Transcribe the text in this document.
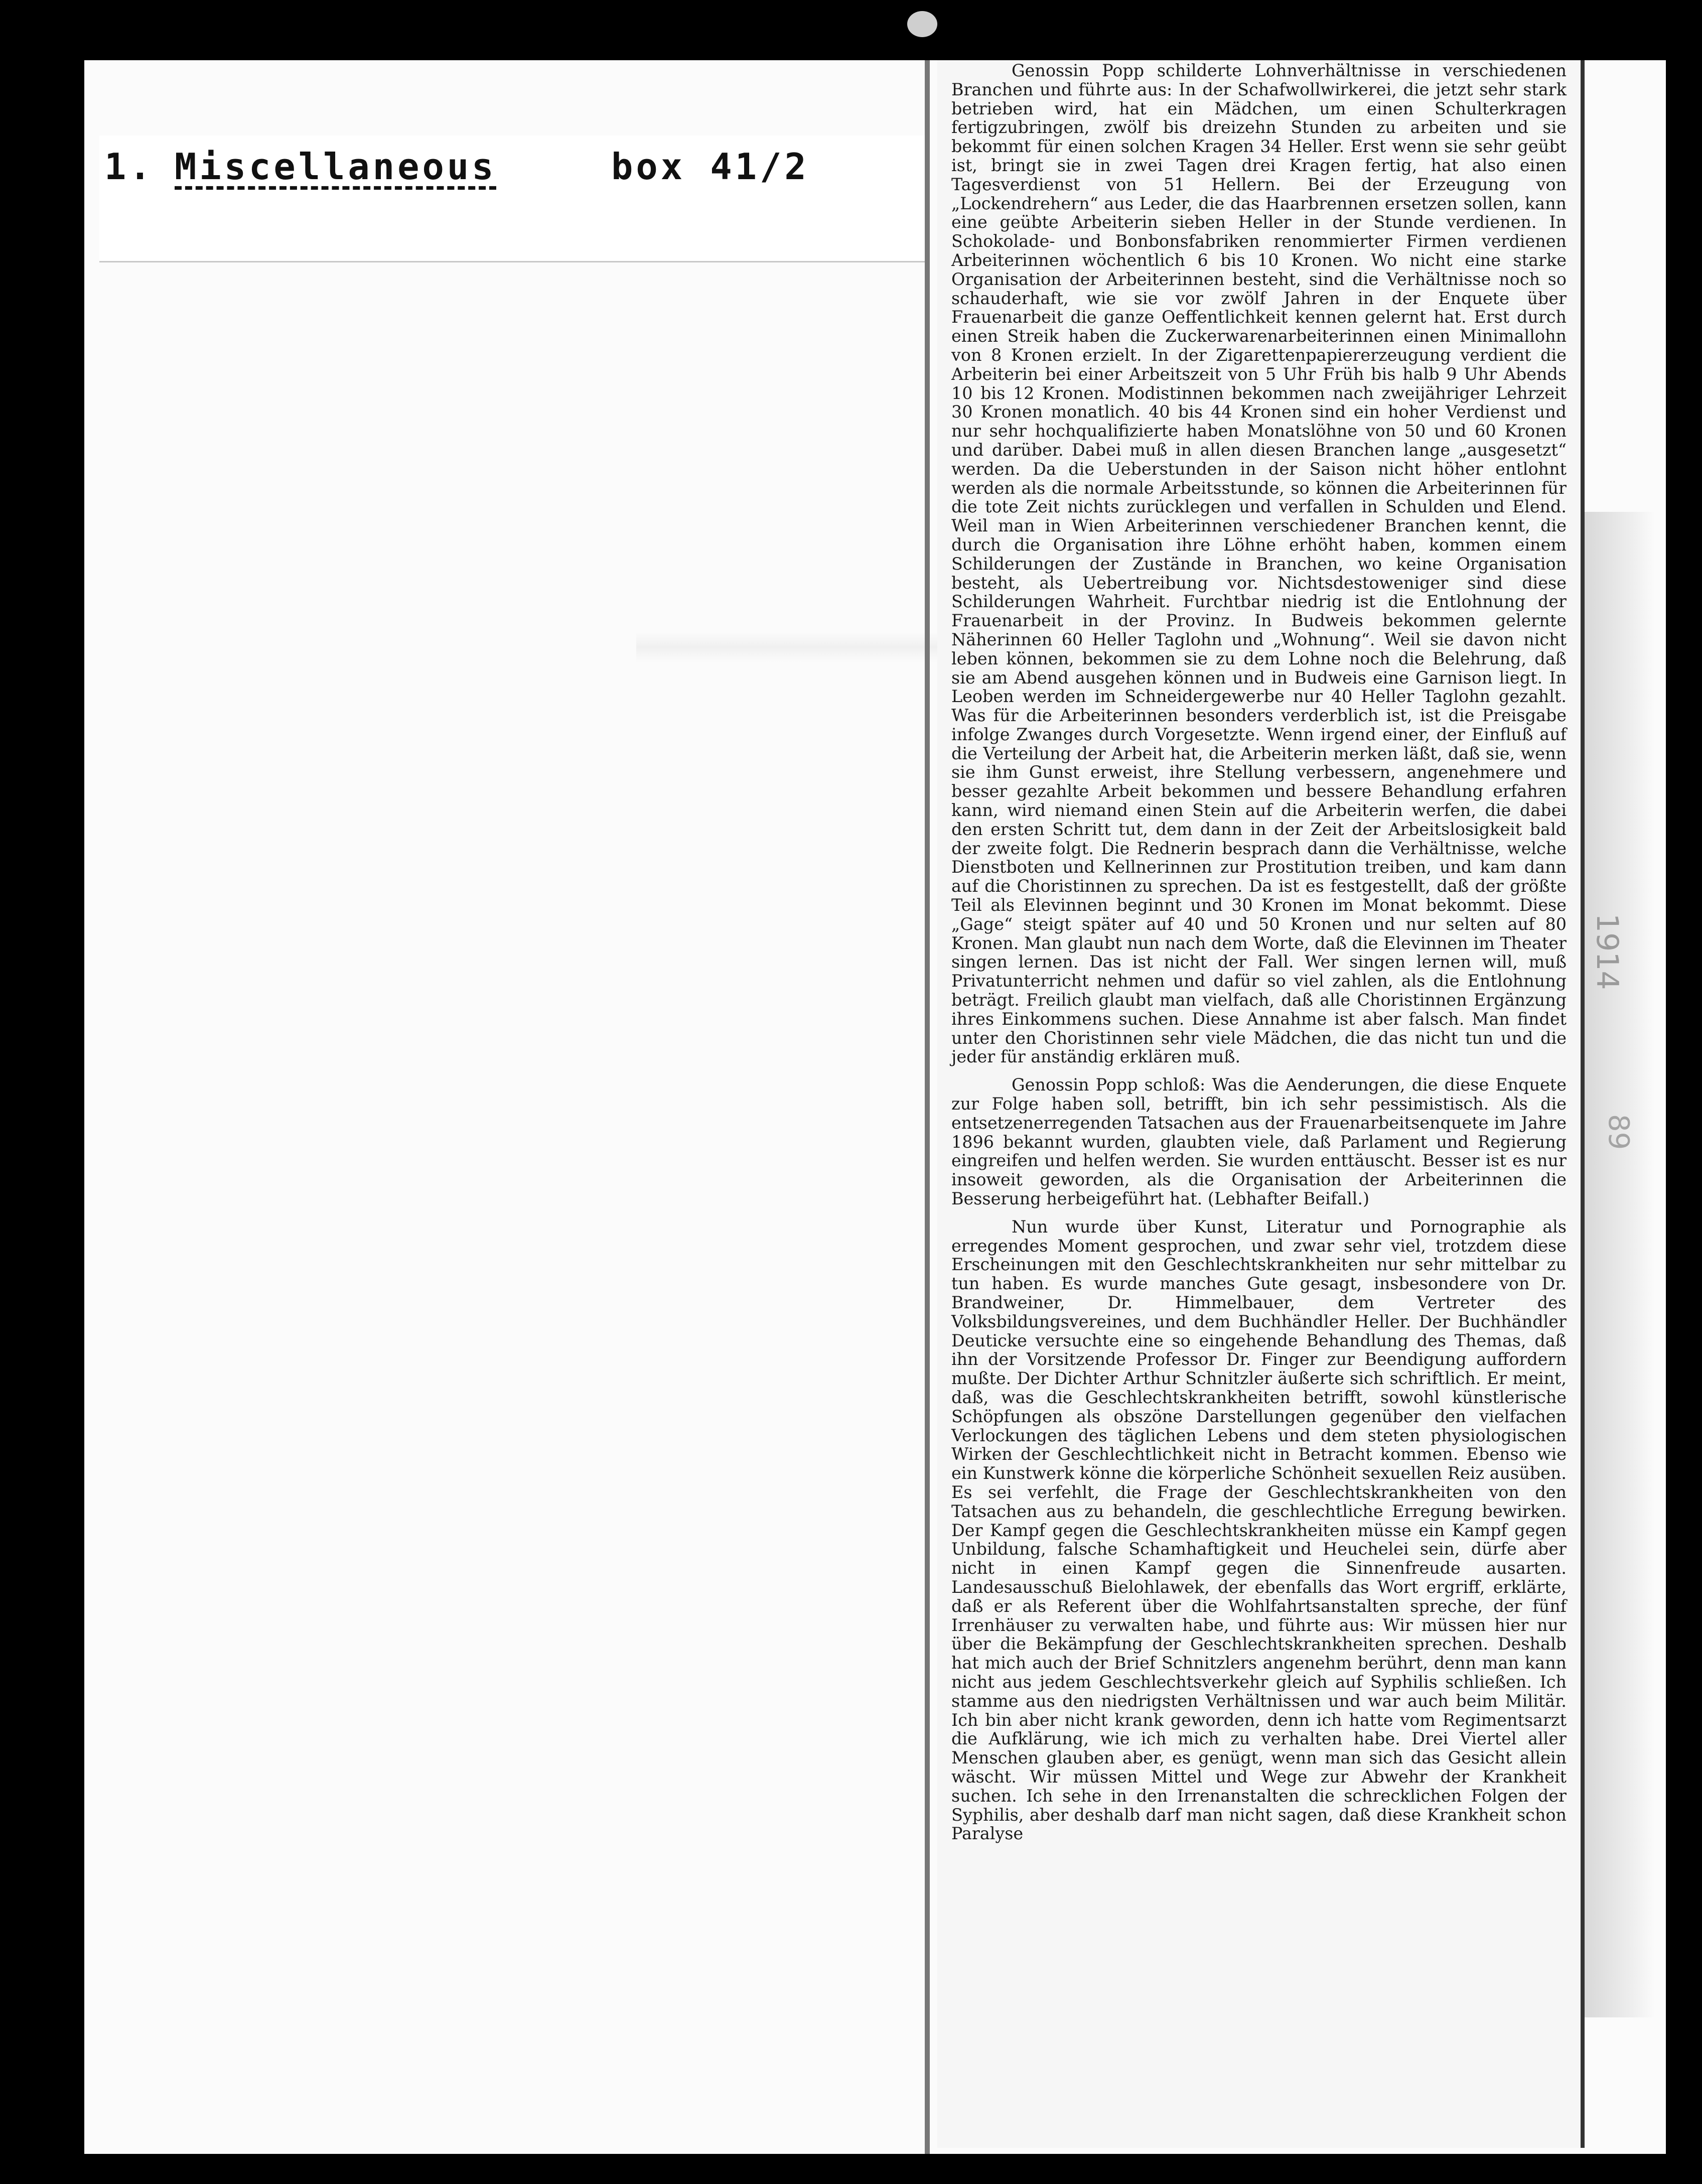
1. Miscellaneous	box 41/2

Genossin Popp schilderte Lohnverhältnisse in verschiedenen Branchen und führte aus: In der Schafwollwirkerei, die jetzt sehr stark betrieben wird, hat ein Mädchen, um einen Schulterkragen fertigzubringen, zwölf bis dreizehn Stunden zu arbeiten und sie bekommt für einen solchen Kragen 34 Heller. Erst wenn sie sehr geübt ist, bringt sie in zwei Tagen drei Kragen fertig, hat also einen Tagesverdienst von 51 Hellern. Bei der Erzeugung von „Lockendrehern“ aus Leder, die das Haarbrennen ersetzen sollen, kann eine geübte Arbeiterin sieben Heller in der Stunde verdienen. In Schokolade- und Bonbonsfabriken renommierter Firmen verdienen Arbeiterinnen wöchentlich 6 bis 10 Kronen. Wo nicht eine starke Organisation der Arbeiterinnen besteht, sind die Verhältnisse noch so schauderhaft, wie sie vor zwölf Jahren in der Enquete über Frauenarbeit die ganze Oeffentlichkeit kennen gelernt hat. Erst durch einen Streik haben die Zuckerwarenarbeiterinnen einen Minimallohn von 8 Kronen erzielt. In der Zigarettenpapiererzeugung verdient die Arbeiterin bei einer Arbeitszeit von 5 Uhr Früh bis halb 9 Uhr Abends 10 bis 12 Kronen. Modistinnen bekommen nach zweijähriger Lehrzeit 30 Kronen monatlich. 40 bis 44 Kronen sind ein hoher Verdienst und nur sehr hochqualifizierte haben Monatslöhne von 50 und 60 Kronen und darüber. Dabei muß in allen diesen Branchen lange „ausgesetzt“ werden. Da die Ueberstunden in der Saison nicht höher entlohnt werden als die normale Arbeitsstunde, so können die Arbeiterinnen für die tote Zeit nichts zurücklegen und verfallen in Schulden und Elend. Weil man in Wien Arbeiterinnen verschiedener Branchen kennt, die durch die Organisation ihre Löhne erhöht haben, kommen einem Schilderungen der Zustände in Branchen, wo keine Organisation besteht, als Uebertreibung vor. Nichtsdestoweniger sind diese Schilderungen Wahrheit. Furchtbar niedrig ist die Entlohnung der Frauenarbeit in der Provinz. In Budweis bekommen gelernte Näherinnen 60 Heller Taglohn und „Wohnung“. Weil sie davon nicht leben können, bekommen sie zu dem Lohne noch die Belehrung, daß sie am Abend ausgehen können und in Budweis eine Garnison liegt. In Leoben werden im Schneidergewerbe nur 40 Heller Taglohn gezahlt. Was für die Arbeiterinnen besonders verderblich ist, ist die Preisgabe infolge Zwanges durch Vorgesetzte. Wenn irgend einer, der Einfluß auf die Verteilung der Arbeit hat, die Arbeiterin merken läßt, daß sie, wenn sie ihm Gunst erweist, ihre Stellung verbessern, angenehmere und besser gezahlte Arbeit bekommen und bessere Behandlung erfahren kann, wird niemand einen Stein auf die Arbeiterin werfen, die dabei den ersten Schritt tut, dem dann in der Zeit der Arbeitslosigkeit bald der zweite folgt. Die Rednerin besprach dann die Verhältnisse, welche Dienstboten und Kellnerinnen zur Prostitution treiben, und kam dann auf die Choristinnen zu sprechen. Da ist es festgestellt, daß der größte Teil als Elevinnen beginnt und 30 Kronen im Monat bekommt. Diese „Gage“ steigt später auf 40 und 50 Kronen und nur selten auf 80 Kronen. Man glaubt nun nach dem Worte, daß die Elevinnen im Theater singen lernen. Das ist nicht der Fall. Wer singen lernen will, muß Privatunterricht nehmen und dafür so viel zahlen, als die Entlohnung beträgt. Freilich glaubt man vielfach, daß alle Choristinnen Ergänzung ihres Einkommens suchen. Diese Annahme ist aber falsch. Man findet unter den Choristinnen sehr viele Mädchen, die das nicht tun und die jeder für anständig erklären muß.

Genossin Popp schloß: Was die Aenderungen, die diese Enquete zur Folge haben soll, betrifft, bin ich sehr pessimistisch. Als die entsetzenerregenden Tatsachen aus der Frauenarbeitsenquete im Jahre 1896 bekannt wurden, glaubten viele, daß Parlament und Regierung eingreifen und helfen werden. Sie wurden enttäuscht. Besser ist es nur insoweit geworden, als die Organisation der Arbeiterinnen die Besserung herbeigeführt hat. (Lebhafter Beifall.)

Nun wurde über Kunst, Literatur und Pornographie als erregendes Moment gesprochen, und zwar sehr viel, trotzdem diese Erscheinungen mit den Geschlechtskrankheiten nur sehr mittelbar zu tun haben. Es wurde manches Gute gesagt, insbesondere von Dr. Brandweiner, Dr. Himmelbauer, dem Vertreter des Volksbildungsvereines, und dem Buchhändler Heller. Der Buchhändler Deuticke versuchte eine so eingehende Behandlung des Themas, daß ihn der Vorsitzende Professor Dr. Finger zur Beendigung auffordern mußte. Der Dichter Arthur Schnitzler äußerte sich schriftlich. Er meint, daß, was die Geschlechtskrankheiten betrifft, sowohl künstlerische Schöpfungen als obszöne Darstellungen gegenüber den vielfachen Verlockungen des täglichen Lebens und dem steten physiologischen Wirken der Geschlechtlichkeit nicht in Betracht kommen. Ebenso wie ein Kunstwerk könne die körperliche Schönheit sexuellen Reiz ausüben. Es sei verfehlt, die Frage der Geschlechtskrankheiten von den Tatsachen aus zu behandeln, die geschlechtliche Erregung bewirken. Der Kampf gegen die Geschlechtskrankheiten müsse ein Kampf gegen Unbildung, falsche Schamhaftigkeit und Heuchelei sein, dürfe aber nicht in einen Kampf gegen die Sinnenfreude ausarten. Landesausschuß Bielohlawek, der ebenfalls das Wort ergriff, erklärte, daß er als Referent über die Wohlfahrtsanstalten spreche, der fünf Irrenhäuser zu verwalten habe, und führte aus: Wir müssen hier nur über die Bekämpfung der Geschlechtskrankheiten sprechen. Deshalb hat mich auch der Brief Schnitzlers angenehm berührt, denn man kann nicht aus jedem Geschlechtsverkehr gleich auf Syphilis schließen. Ich stamme aus den niedrigsten Verhältnissen und war auch beim Militär. Ich bin aber nicht krank geworden, denn ich hatte vom Regimentsarzt die Aufklärung, wie ich mich zu verhalten habe. Drei Viertel aller Menschen glauben aber, es genügt, wenn man sich das Gesicht allein wäscht. Wir müssen Mittel und Wege zur Abwehr der Krankheit suchen. Ich sehe in den Irrenanstalten die schrecklichen Folgen der Syphilis, aber deshalb darf man nicht sagen, daß diese Krankheit schon Paralyse

1914
89
